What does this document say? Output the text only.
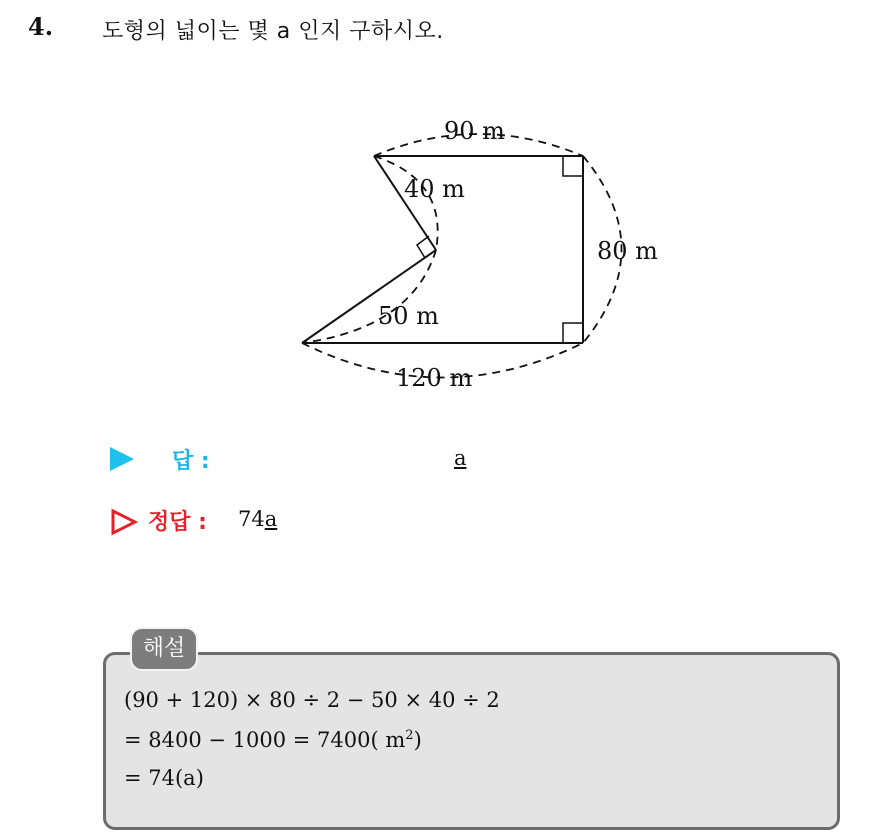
4. 도형의 넓이는 몇 a 인지 구하시오.
90 m
40 m
80 m
50 m
120 m
답 :	a
정답 : 74a
해설
(90 + 120) × 80 ÷ 2 − 50 × 40 ÷ 2
= 8400 − 1000 = 7400( $m^2$)
= 74(a)
